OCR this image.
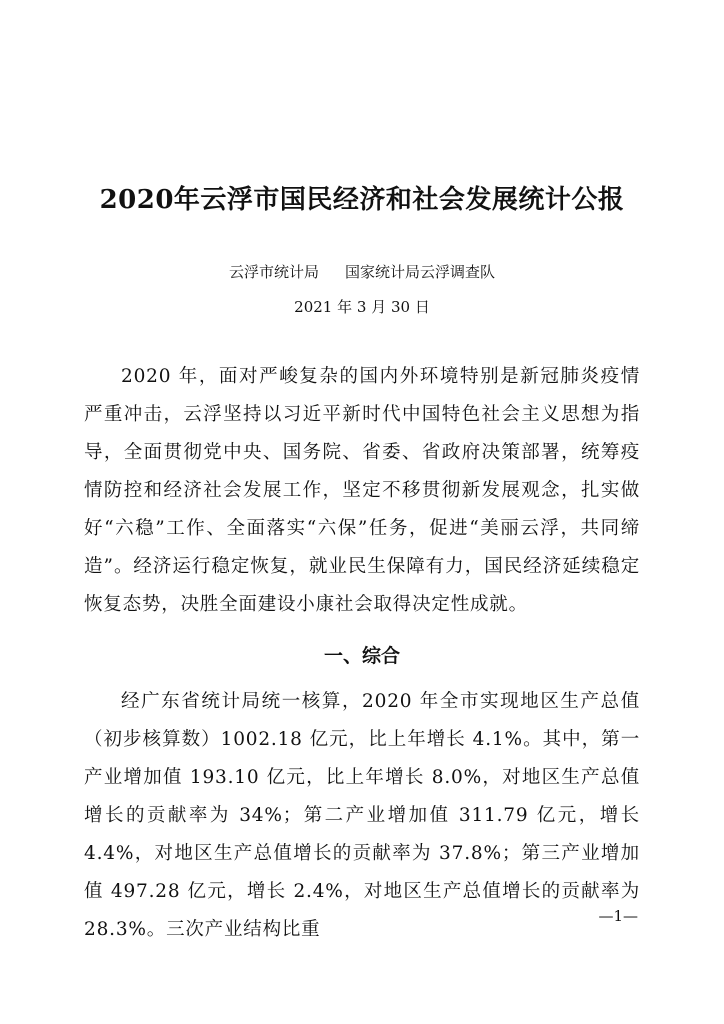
2020年云浮市国民经济和社会发展统计公报

云浮市统计局 国家统计局云浮调查队

2021 年 3 月 30 日

2020 年，面对严峻复杂的国内外环境特别是新冠肺炎疫情严重冲击，云浮坚持以习近平新时代中国特色社会主义思想为指导，全面贯彻党中央、国务院、省委、省政府决策部署，统筹疫情防控和经济社会发展工作，坚定不移贯彻新发展观念，扎实做好“六稳”工作、全面落实“六保”任务，促进“美丽云浮，共同缔造”。经济运行稳定恢复，就业民生保障有力，国民经济延续稳定恢复态势，决胜全面建设小康社会取得决定性成就。

一、综合

经广东省统计局统一核算，2020 年全市实现地区生产总值（初步核算数）1002.18 亿元，比上年增长 4.1%。其中，第一产业增加值 193.10 亿元，比上年增长 8.0%，对地区生产总值增长的贡献率为 34%；第二产业增加值 311.79 亿元，增长 4.4%，对地区生产总值增长的贡献率为 37.8%；第三产业增加值 497.28 亿元，增长 2.4%，对地区生产总值增长的贡献率为 28.3%。三次产业结构比重

—1—
